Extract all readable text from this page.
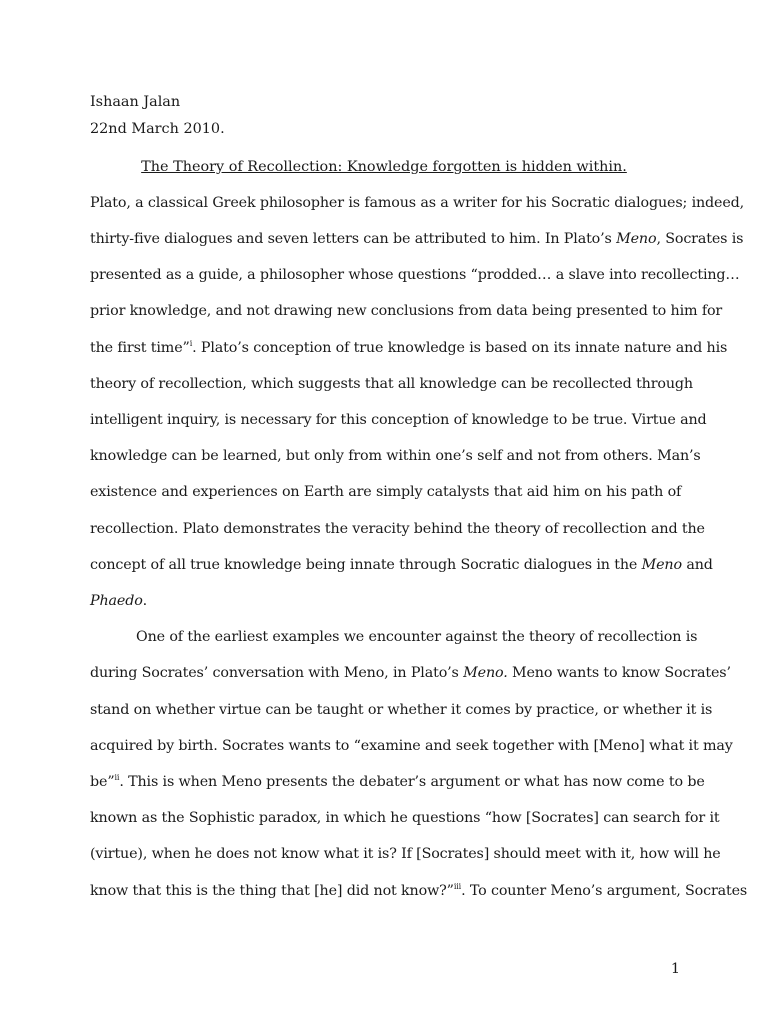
Ishaan Jalan
22nd March 2010.
The Theory of Recollection: Knowledge forgotten is hidden within.
Plato, a classical Greek philosopher is famous as a writer for his Socratic dialogues; indeed,
thirty-five dialogues and seven letters can be attributed to him. In Plato’s Meno, Socrates is
presented as a guide, a philosopher whose questions “prodded… a slave into recollecting…
prior knowledge, and not drawing new conclusions from data being presented to him for
the first time”$^i$. Plato’s conception of true knowledge is based on its innate nature and his
theory of recollection, which suggests that all knowledge can be recollected through
intelligent inquiry, is necessary for this conception of knowledge to be true. Virtue and
knowledge can be learned, but only from within one’s self and not from others. Man’s
existence and experiences on Earth are simply catalysts that aid him on his path of
recollection. Plato demonstrates the veracity behind the theory of recollection and the
concept of all true knowledge being innate through Socratic dialogues in the Meno and
Phaedo.
One of the earliest examples we encounter against the theory of recollection is
during Socrates’ conversation with Meno, in Plato’s Meno. Meno wants to know Socrates’
stand on whether virtue can be taught or whether it comes by practice, or whether it is
acquired by birth. Socrates wants to “examine and seek together with [Meno] what it may
be”$^{ii}$. This is when Meno presents the debater’s argument or what has now come to be
known as the Sophistic paradox, in which he questions “how [Socrates] can search for it
(virtue), when he does not know what it is? If [Socrates] should meet with it, how will he
know that this is the thing that [he] did not know?”$^{iii}$. To counter Meno’s argument, Socrates
1
